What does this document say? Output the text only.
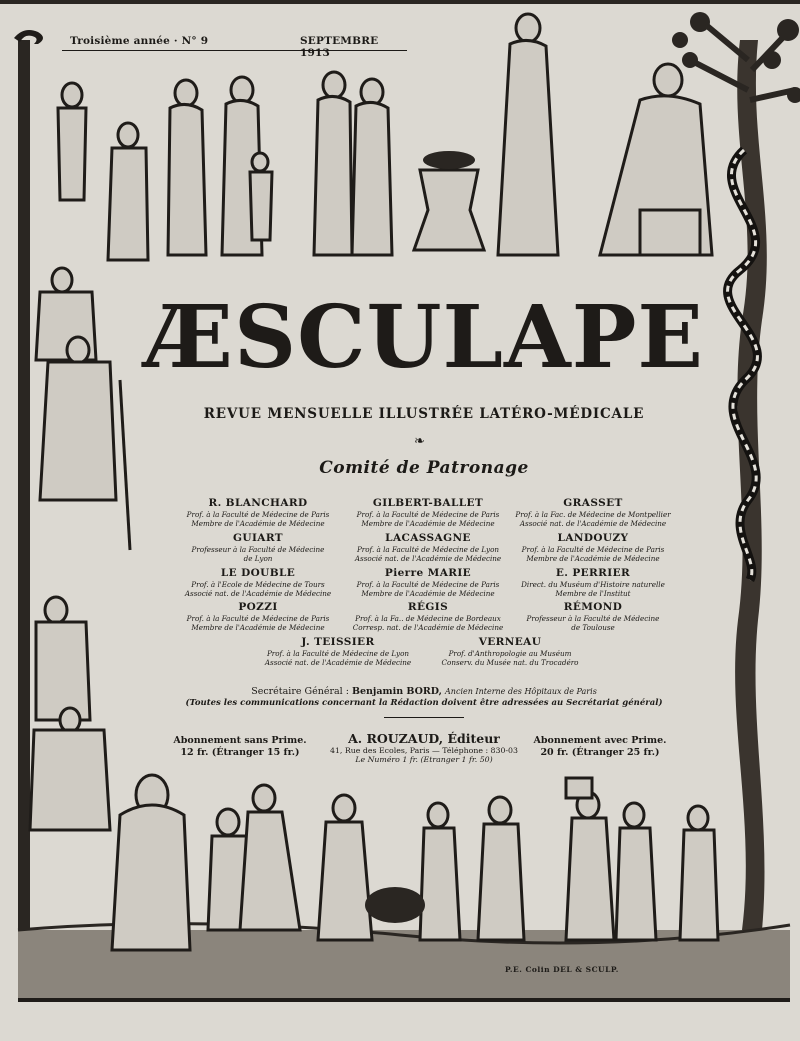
Troisième année · N° 9	SEPTEMBRE 1913
ÆSCULAPE
REVUE MENSUELLE ILLUSTRÉE LATÉRO-MÉDICALE
❧
Comité de Patronage
R. BLANCHARD
Prof. à la Faculté de Médecine de Paris
Membre de l'Académie de Médecine
GILBERT-BALLET
Prof. à la Faculté de Médecine de Paris
Membre de l'Académie de Médecine
GRASSET
Prof. à la Fac. de Médecine de Montpellier
Associé nat. de l'Académie de Médecine
GUIART
Professeur à la Faculté de Médecine
de Lyon
LACASSAGNE
Prof. à la Faculté de Médecine de Lyon
Associé nat. de l'Académie de Médecine
LANDOUZY
Prof. à la Faculté de Médecine de Paris
Membre de l'Académie de Médecine
LE DOUBLE
Prof. à l'Ecole de Médecine de Tours
Associé nat. de l'Académie de Médecine
Pierre MARIE
Prof. à la Faculté de Médecine de Paris
Membre de l'Académie de Médecine
E. PERRIER
Direct. du Muséum d'Histoire naturelle
Membre de l'Institut
POZZI
Prof. à la Faculté de Médecine de Paris
Membre de l'Académie de Médecine
RÉGIS
Prof. à la Fa.. de Médecine de Bordeaux
Corresp. nat. de l'Académie de Médecine
RÉMOND
Professeur à la Faculté de Médecine
de Toulouse
J. TEISSIER
Prof. à la Faculté de Médecine de Lyon
Associé nat. de l'Académie de Médecine
VERNEAU
Prof. d'Anthropologie au Muséum
Conserv. du Musée nat. du Trocadéro
Secrétaire Général : Benjamin BORD, Ancien Interne des Hôpitaux de Paris
(Toutes les communications concernant la Rédaction doivent être adressées au Secrétariat général)
Abonnement sans Prime.
12 fr. (Étranger 15 fr.)
A. ROUZAUD, Éditeur
41, Rue des Ecoles, Paris — Téléphone : 830-03
Le Numéro 1 fr. (Etranger 1 fr. 50)
Abonnement avec Prime.
20 fr. (Étranger 25 fr.)
P.E. Colin DEL & SCULP.
